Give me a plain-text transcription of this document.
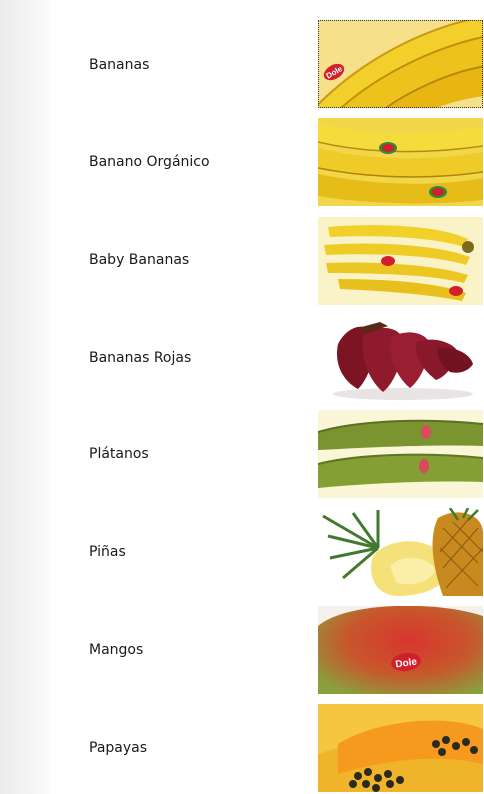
Bananas	Dole
Banano Orgánico
Baby Bananas
Bananas Rojas
Plátanos
Piñas
Mangos
Dole
Papayas
